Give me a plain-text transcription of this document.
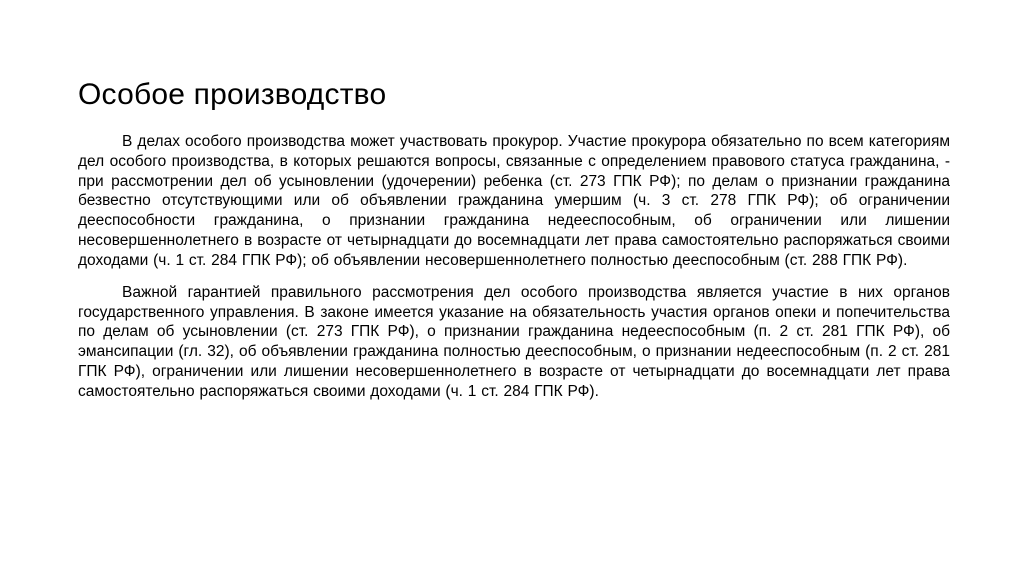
Особое производство

В делах особого производства может участвовать прокурор. Участие прокурора обязательно по всем категориям дел особого производства, в которых решаются вопросы, связанные с определением правового статуса гражданина, - при рассмотрении дел об усыновлении (удочерении) ребенка (ст. 273 ГПК РФ); по делам о признании гражданина безвестно отсутствующими или об объявлении гражданина умершим (ч. 3 ст. 278 ГПК РФ); об ограничении дееспособности гражданина, о признании гражданина недееспособным, об ограничении или лишении несовершеннолетнего в возрасте от четырнадцати до восемнадцати лет права самостоятельно распоряжаться своими доходами (ч. 1 ст. 284 ГПК РФ); об объявлении несовершеннолетнего полностью дееспособным (ст. 288 ГПК РФ).

Важной гарантией правильного рассмотрения дел особого производства является участие в них органов государственного управления. В законе имеется указание на обязательность участия органов опеки и попечительства по делам об усыновлении (ст. 273 ГПК РФ), о признании гражданина недееспособным (п. 2 ст. 281 ГПК РФ), об эмансипации (гл. 32), об объявлении гражданина полностью дееспособным, о признании недееспособным (п. 2 ст. 281 ГПК РФ), ограничении или лишении несовершеннолетнего в возрасте от четырнадцати до восемнадцати лет права самостоятельно распоряжаться своими доходами (ч. 1 ст. 284 ГПК РФ).
